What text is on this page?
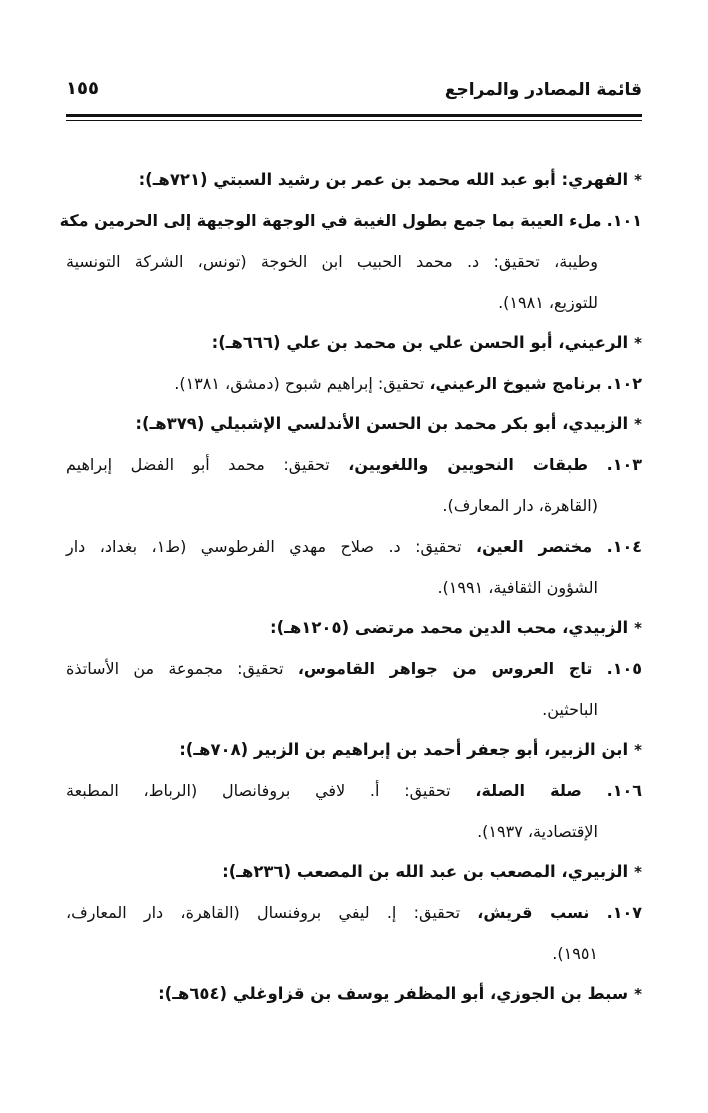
قائمة المصادر والمراجع
١٥٥

*الفهري: أبو عبد الله محمد بن عمر بن رشيد السبتي (٧٢١هـ):

١٠١. ملء العيبة بما جمع بطول الغيبة في الوجهة الوجيهة إلى الحرمين مكة

وطيبة، تحقيق: د. محمد الحبيب ابن الخوجة (تونس، الشركة التونسية

للتوزيع، ١٩٨١).

*الرعيني، أبو الحسن علي بن محمد بن علي (٦٦٦هـ):

١٠٢. برنامج شيوخ الرعيني، تحقيق: إبراهيم شبوح (دمشق، ١٣٨١).

*الزبيدي، أبو بكر محمد بن الحسن الأندلسي الإشبيلي (٣٧٩هـ):

١٠٣. طبقات النحويين واللغويين، تحقيق: محمد أبو الفضل إبراهيم

(القاهرة، دار المعارف).

١٠٤. مختصر العين، تحقيق: د. صلاح مهدي الفرطوسي (ط١، بغداد، دار

الشؤون الثقافية، ١٩٩١).

*الزبيدي، محب الدين محمد مرتضى (١٢٠٥هـ):

١٠٥. تاج العروس من جواهر القاموس، تحقيق: مجموعة من الأساتذة

الباحثين.

*ابن الزبير، أبو جعفر أحمد بن إبراهيم بن الزبير (٧٠٨هـ):

١٠٦. صلة الصلة، تحقيق: أ. لافي بروفانصال (الرباط، المطبعة

الإقتصادية، ١٩٣٧).

*الزبيري، المصعب بن عبد الله بن المصعب (٢٣٦هـ):

١٠٧. نسب قريش، تحقيق: إ. ليفي بروفنسال (القاهرة، دار المعارف،

١٩٥١).

*سبط بن الجوزي، أبو المظفر يوسف بن قزاوغلي (٦٥٤هـ):
